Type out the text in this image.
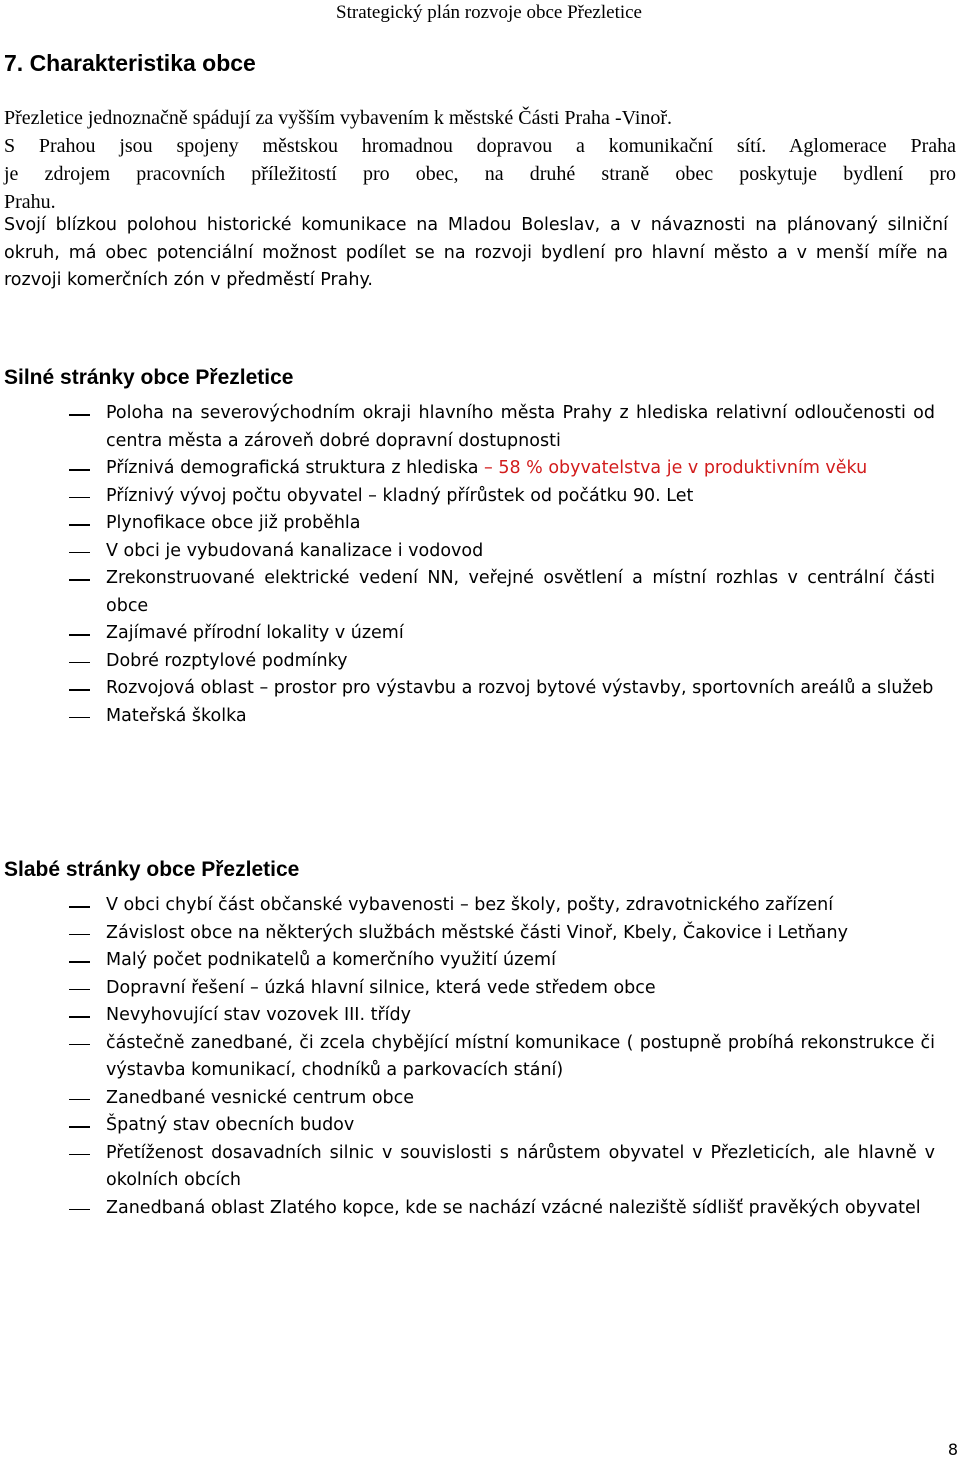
Strategický plán rozvoje obce Přezletice
7. Charakteristika obce
Přezletice jednoznačně spádují za vyšším vybavením k městské Části Praha -Vinoř.
S Prahou jsou spojeny městskou hromadnou dopravou a komunikační sítí. Aglomerace Praha
je zdrojem pracovních příležitostí pro obec, na druhé straně obec poskytuje bydlení pro
Prahu.
Svojí blízkou polohou historické komunikace na Mladou Boleslav, a v návaznosti na plánovaný silniční okruh, má obec potenciální možnost podílet se na rozvoji bydlení pro hlavní město a v menší míře na rozvoji komerčních zón v předměstí Prahy.
Silné stránky obce Přezletice
Poloha na severovýchodním okraji hlavního města Prahy z hlediska relativní odloučenosti od centra města a zároveň dobré dopravní dostupnosti
Příznivá demografická struktura z hlediska – 58 % obyvatelstva je v produktivním věku
Příznivý vývoj počtu obyvatel – kladný přírůstek od počátku 90. Let
Plynofikace obce již proběhla
V obci je vybudovaná kanalizace i vodovod
Zrekonstruované elektrické vedení NN, veřejné osvětlení a místní rozhlas v centrální části obce
Zajímavé přírodní lokality v území
Dobré rozptylové podmínky
Rozvojová oblast – prostor pro výstavbu a rozvoj bytové výstavby, sportovních areálů a služeb
Mateřská školka
Slabé stránky obce Přezletice
V obci chybí část občanské vybavenosti – bez školy, pošty, zdravotnického zařízení
Závislost obce na některých službách městské části Vinoř, Kbely, Čakovice i Letňany
Malý počet podnikatelů a komerčního využití území
Dopravní řešení – úzká hlavní silnice, která vede středem obce
Nevyhovující stav vozovek III. třídy
částečně zanedbané, či zcela chybějící místní komunikace ( postupně probíhá rekonstrukce či výstavba komunikací, chodníků a parkovacích stání)
Zanedbané vesnické centrum obce
Špatný stav obecních budov
Přetíženost dosavadních silnic v souvislosti s nárůstem obyvatel v Přezleticích, ale hlavně v okolních obcích
Zanedbaná oblast Zlatého kopce, kde se nachází vzácné naleziště sídlišť pravěkých obyvatel
8
